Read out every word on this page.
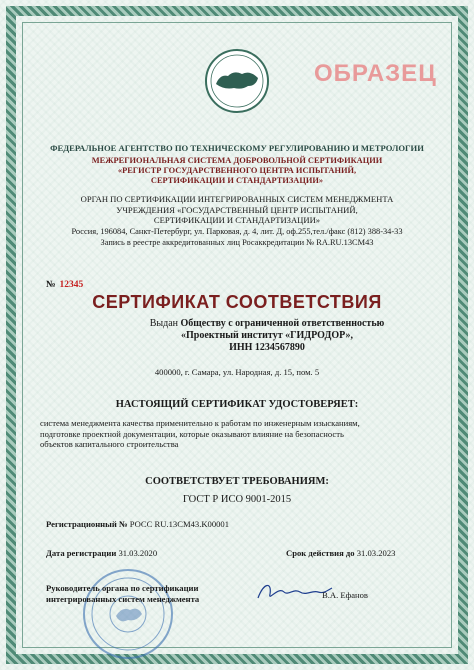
ОБРАЗЕЦ
ФЕДЕРАЛЬНОЕ АГЕНТСТВО ПО ТЕХНИЧЕСКОМУ РЕГУЛИРОВАНИЮ И МЕТРОЛОГИИ
МЕЖРЕГИОНАЛЬНАЯ СИСТЕМА ДОБРОВОЛЬНОЙ СЕРТИФИКАЦИИ
«РЕГИСТР ГОСУДАРСТВЕННОГО ЦЕНТРА ИСПЫТАНИЙ,
СЕРТИФИКАЦИИ И СТАНДАРТИЗАЦИИ»
ОРГАН ПО СЕРТИФИКАЦИИ ИНТЕГРИРОВАННЫХ СИСТЕМ МЕНЕДЖМЕНТА
УЧРЕЖДЕНИЯ «ГОСУДАРСТВЕННЫЙ ЦЕНТР ИСПЫТАНИЙ,
СЕРТИФИКАЦИИ И СТАНДАРТИЗАЦИИ»
Россия, 196084, Санкт-Петербург, ул. Парковая, д. 4, лит. Д, оф.255,тел./факс (812) 388-34-33
Запись в реестре аккредитованных лиц Росаккредитации № RA.RU.13CM43
№ 12345
СЕРТИФИКАТ СООТВЕТСТВИЯ
Выдан Обществу с ограниченной ответственностью
«Проектный институт «ГИДРОДОР»,
ИНН 1234567890
400000, г. Самара, ул. Народная, д. 15, пом. 5
НАСТОЯЩИЙ СЕРТИФИКАТ УДОСТОВЕРЯЕТ:
система менеджмента качества применительно к работам по инженерным изысканиям,
подготовке проектной документации, которые оказывают влияние на безопасность
объектов капитального строительства
СООТВЕТСТВУЕТ ТРЕБОВАНИЯМ:
ГОСТ Р ИСО 9001-2015
Регистрационный № РОСС RU.13CM43.K00001
Дата регистрации 31.03.2020	Срок действия до 31.03.2023
Руководитель органа по сертификации
интегрированных систем менеджмента	В.А. Ефанов
